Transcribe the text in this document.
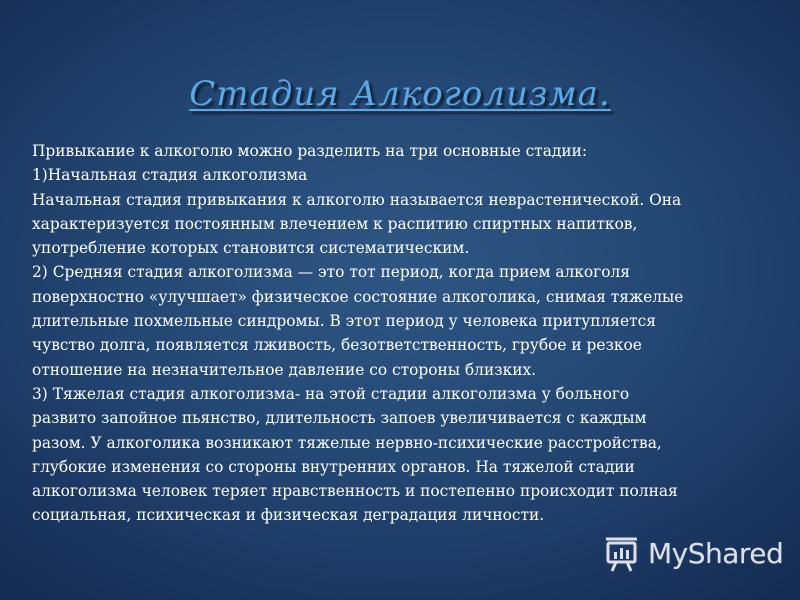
Стадия Алкоголизма.
Привыкание к алкоголю можно разделить на три основные стадии:
1)Начальная стадия алкоголизма
Начальная стадия привыкания к алкоголю называется неврастенической. Она
характеризуется постоянным влечением к распитию спиртных напитков,
употребление которых становится систематическим.
2) Средняя стадия алкоголизма — это тот период, когда прием алкоголя
поверхностно «улучшает» физическое состояние алкоголика, снимая тяжелые
длительные похмельные синдромы. В этот период у человека притупляется
чувство долга, появляется лживость, безответственность, грубое и резкое
отношение на незначительное давление со стороны близких.
3) Тяжелая стадия алкоголизма- на этой стадии алкоголизма у больного
развито запойное пьянство, длительность запоев увеличивается с каждым
разом. У алкоголика возникают тяжелые нервно-психические расстройства,
глубокие изменения со стороны внутренних органов. На тяжелой стадии
алкоголизма человек теряет нравственность и постепенно происходит полная
социальная, психическая и физическая деградация личности.
MyShared
